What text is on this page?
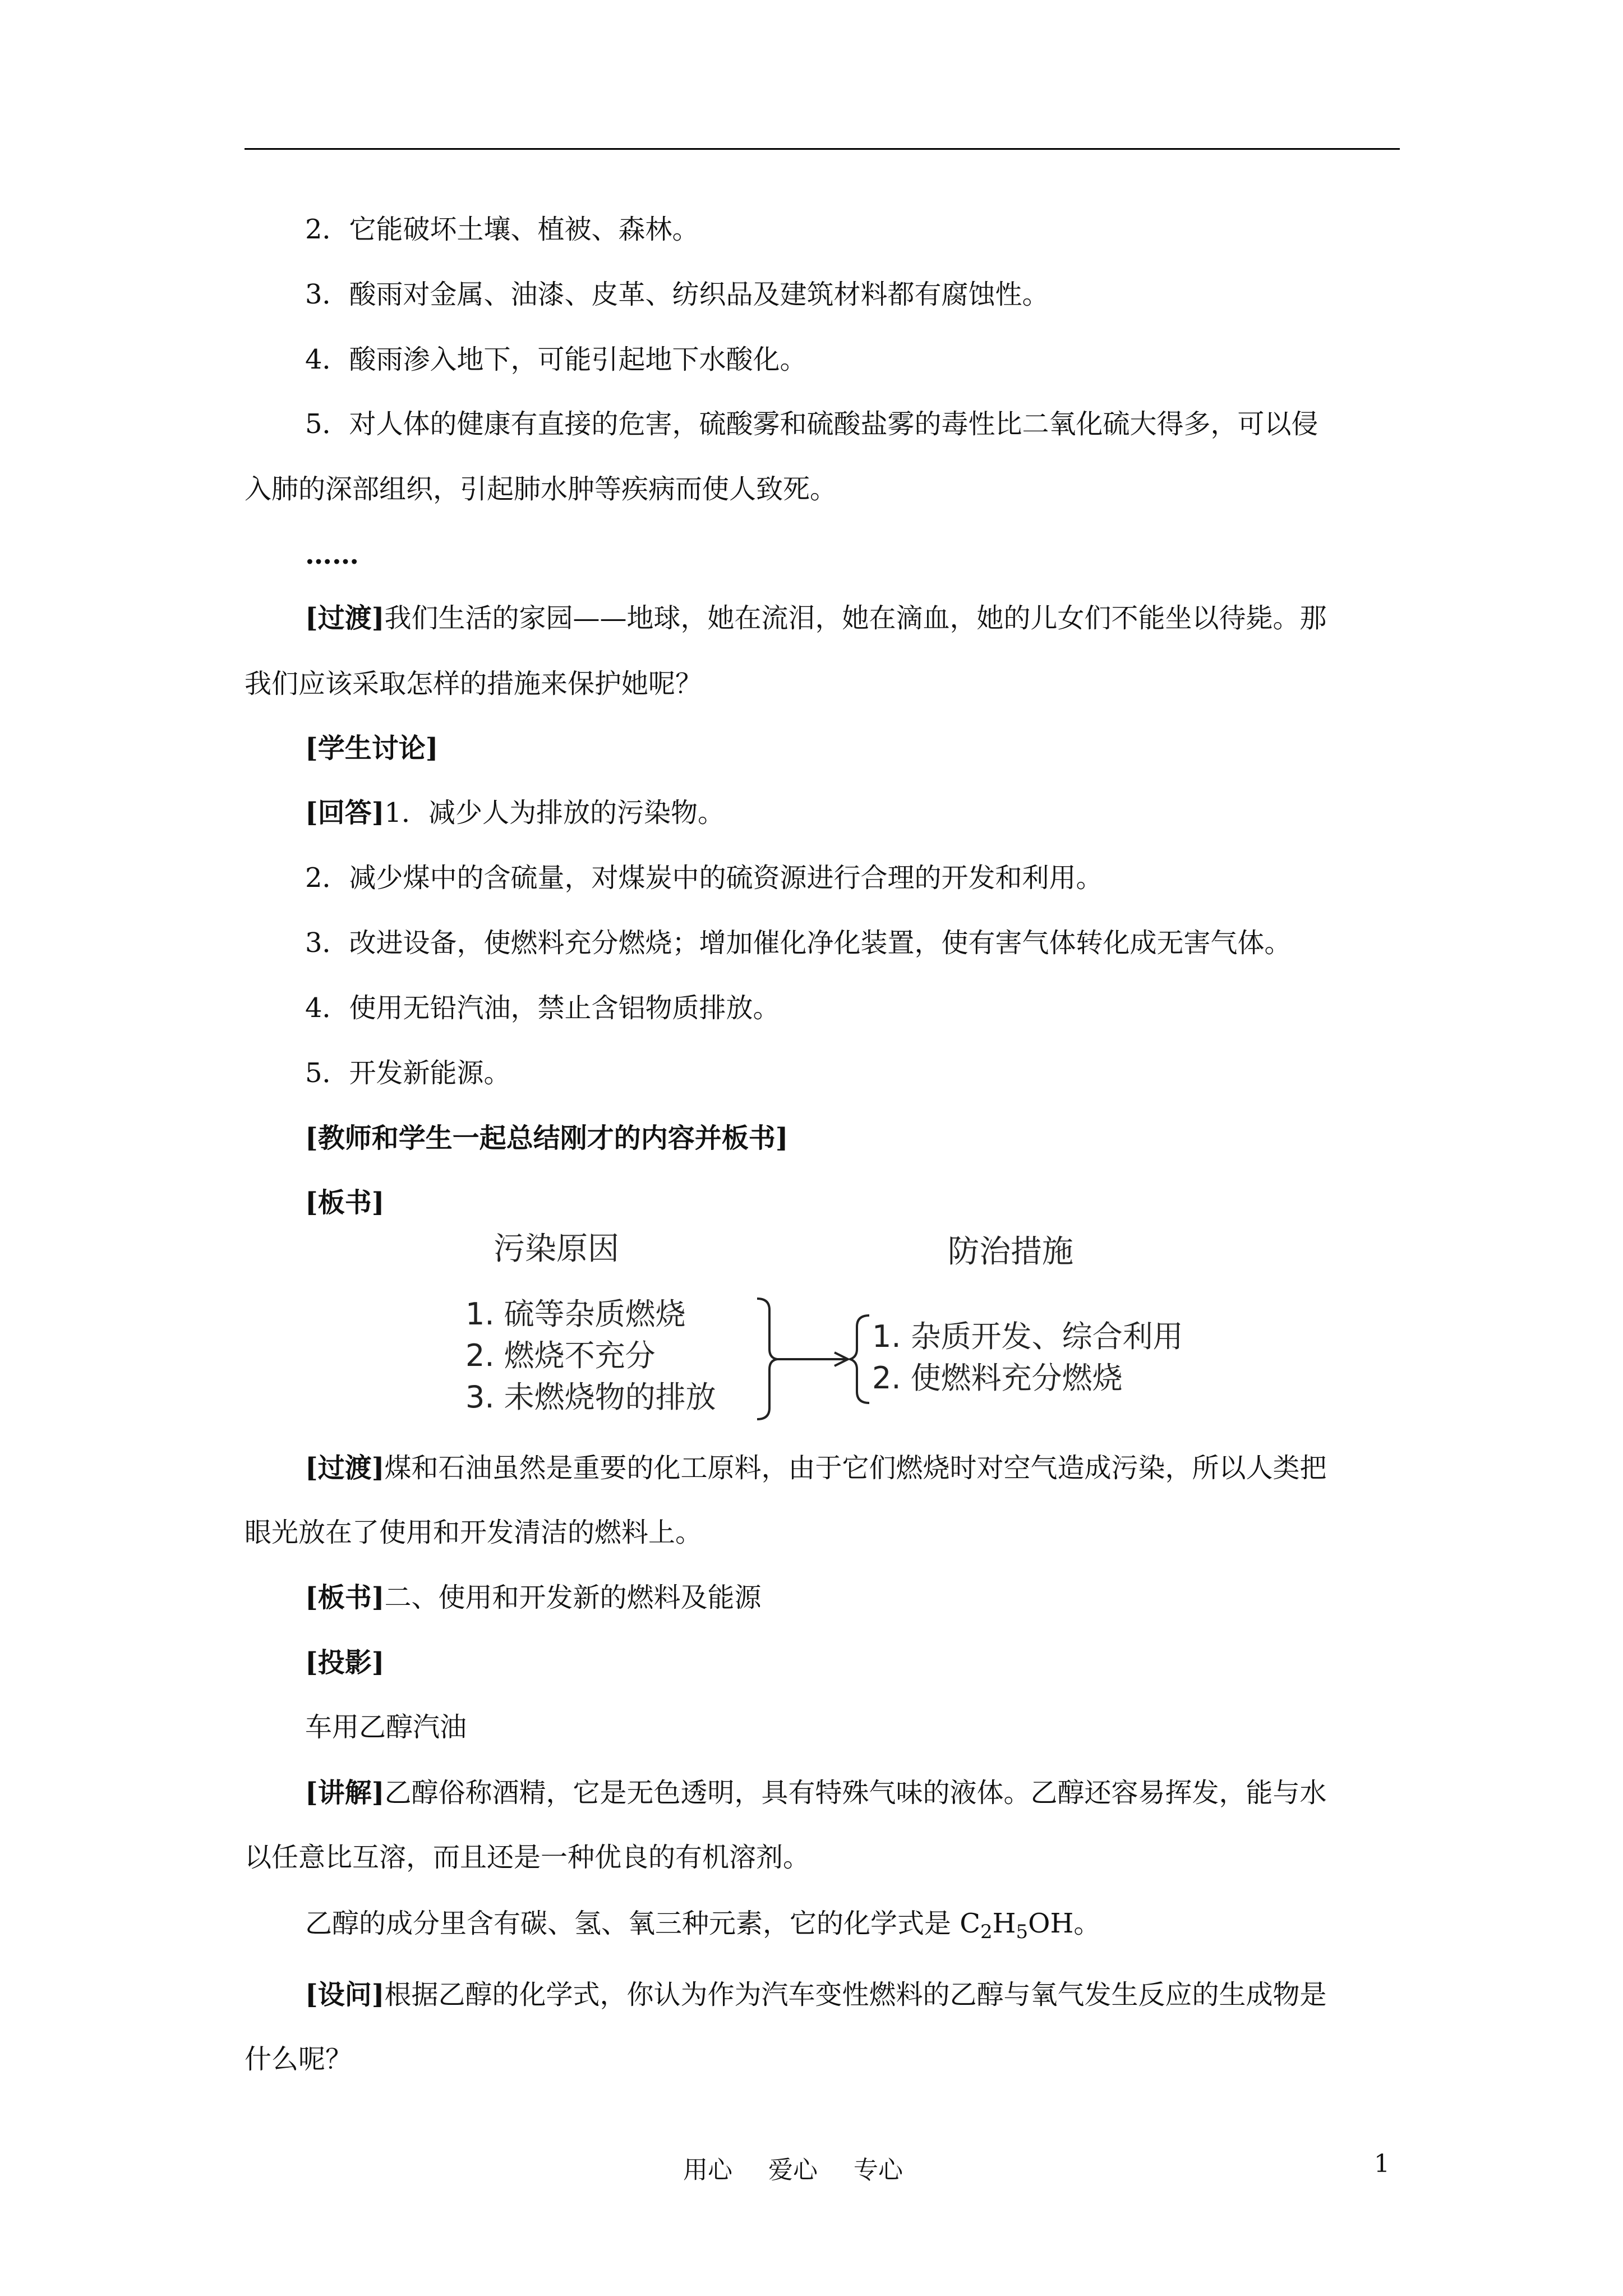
2．它能破坏土壤、植被、森林。
3．酸雨对金属、油漆、皮革、纺织品及建筑材料都有腐蚀性。
4．酸雨渗入地下，可能引起地下水酸化。
5．对人体的健康有直接的危害，硫酸雾和硫酸盐雾的毒性比二氧化硫大得多，可以侵
入肺的深部组织，引起肺水肿等疾病而使人致死。
……
[过渡]我们生活的家园——地球，她在流泪，她在滴血，她的儿女们不能坐以待毙。那
我们应该采取怎样的措施来保护她呢？
[学生讨论]
[回答]1．减少人为排放的污染物。
2．减少煤中的含硫量，对煤炭中的硫资源进行合理的开发和利用。
3．改进设备，使燃料充分燃烧；增加催化净化装置，使有害气体转化成无害气体。
4．使用无铅汽油，禁止含铝物质排放。
5．开发新能源。
[教师和学生一起总结刚才的内容并板书]
[板书]
污染原因	防治措施
1. 硫等杂质燃烧
2. 燃烧不充分
3. 未燃烧物的排放
1. 杂质开发、综合利用
2. 使燃料充分燃烧
[过渡]煤和石油虽然是重要的化工原料，由于它们燃烧时对空气造成污染，所以人类把
眼光放在了使用和开发清洁的燃料上。
[板书]二、使用和开发新的燃料及能源
[投影]
车用乙醇汽油
[讲解]乙醇俗称酒精，它是无色透明，具有特殊气味的液体。乙醇还容易挥发，能与水
以任意比互溶，而且还是一种优良的有机溶剂。
乙醇的成分里含有碳、氢、氧三种元素，它的化学式是 $C_2H_5OH$。
[设问]根据乙醇的化学式，你认为作为汽车变性燃料的乙醇与氧气发生反应的生成物是
什么呢？
用心 爱心 专心	1
